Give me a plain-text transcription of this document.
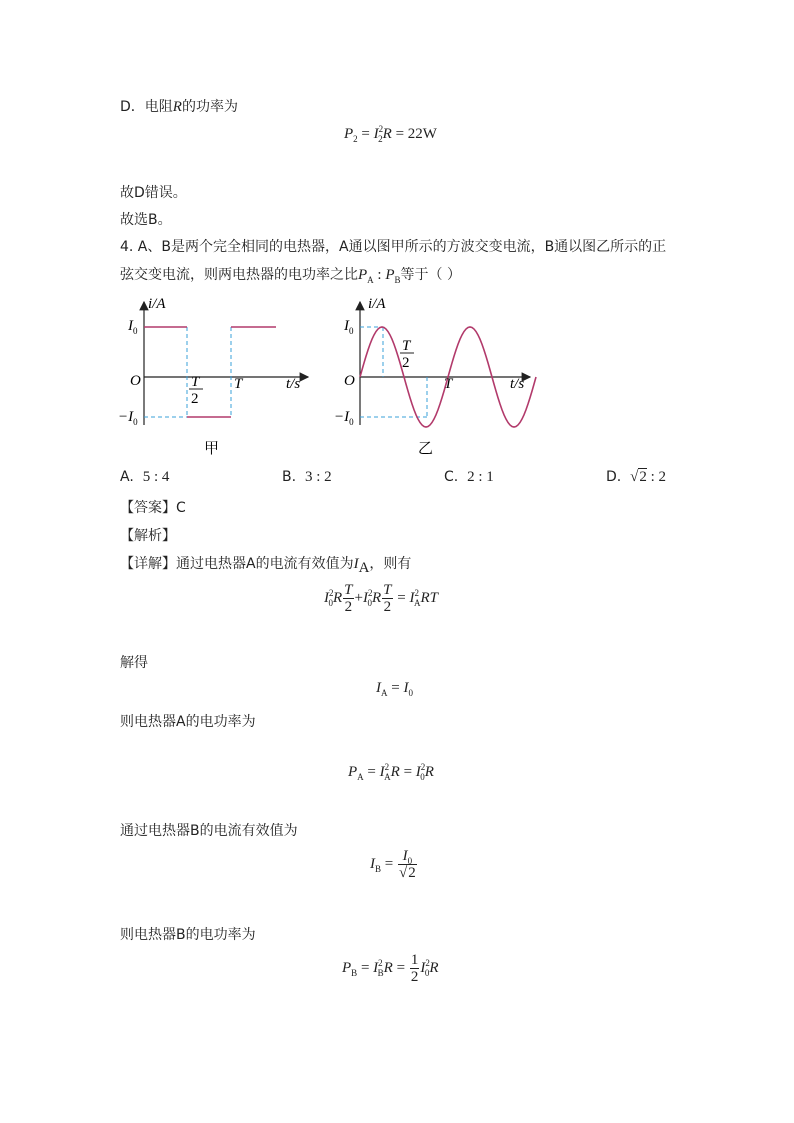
D．电阻R的功率为
$P_2 = I^2_2R = 22W$
故D错误。
故选B。
4. A、B是两个完全相同的电热器，A通以图甲所示的方波交变电流，B通以图乙所示的正
弦交变电流，则两电热器的电功率之比$P_A$ : $P_B$等于（ ）
i/A
$I_0$
O
$-I_0$
T
2
T	t/s
甲
i/A
$I_0$
O
$-I_0$
T
2
T	t/s
乙
A. 5 : 4	B. 3 : 2	C. 2 : 1	D. √2 : 2
【答案】C
【解析】
【详解】通过电热器A的电流有效值为$I_A$，则有
$I^2_0R \frac{T}{2} +I^2_0R \frac{T}{2} = I^2_ART$
解得
$I_A = I_0$
则电热器A的电功率为
$P_A = I^2_AR = I^2_0R$
通过电热器B的电流有效值为
$I_B = \frac{I_0}{√2}$
则电热器B的电功率为
$P_B = I^2_BR = \frac{1}{2} I^2_0R$
